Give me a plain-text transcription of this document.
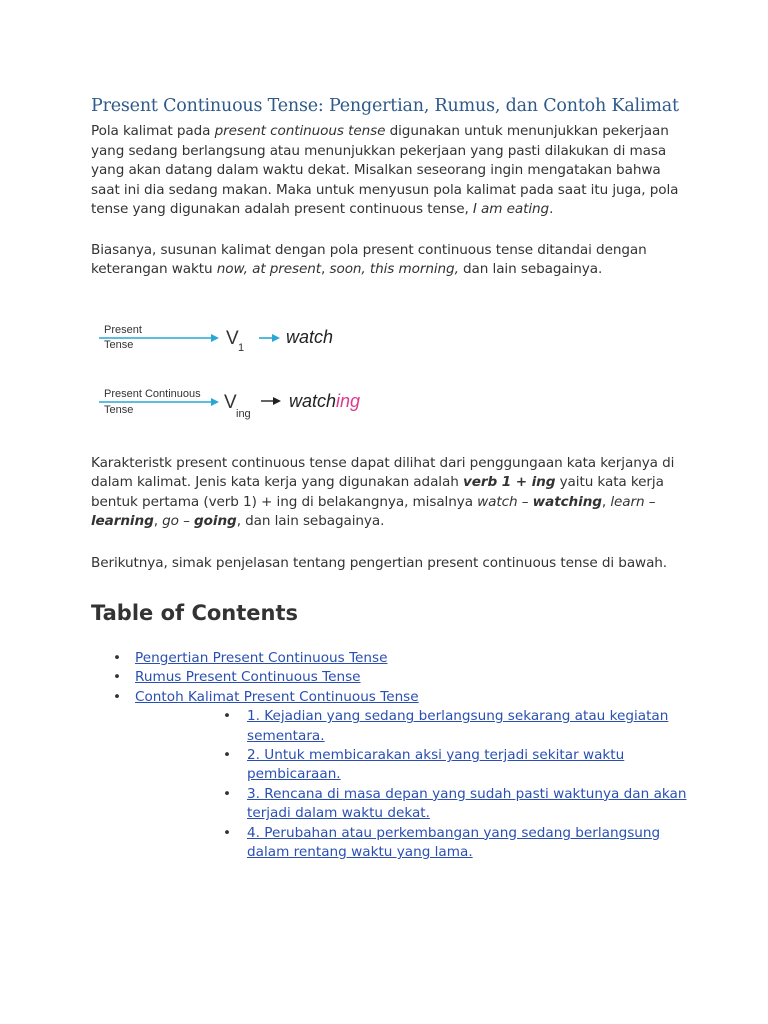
Present Continuous Tense: Pengertian, Rumus, dan Contoh Kalimat

Pola kalimat pada present continuous tense digunakan untuk menunjukkan pekerjaan yang sedang berlangsung atau menunjukkan pekerjaan yang pasti dilakukan di masa yang akan datang dalam waktu dekat. Misalkan seseorang ingin mengatakan bahwa saat ini dia sedang makan. Maka untuk menyusun pola kalimat pada saat itu juga, pola tense yang digunakan adalah present continuous tense, I am eating.

Biasanya, susunan kalimat dengan pola present continuous tense ditandai dengan keterangan waktu now, at present, soon, this morning, dan lain sebagainya.

Present
Tense	V 1
watch
Present Continuous
Tense	V
ing
watching

Karakteristk present continuous tense dapat dilihat dari penggungaan kata kerjanya di dalam kalimat. Jenis kata kerja yang digunakan adalah verb 1 + ing yaitu kata kerja bentuk pertama (verb 1) + ing di belakangnya, misalnya watch – watching, learn – learning, go – going, dan lain sebagainya.

Berikutnya, simak penjelasan tentang pengertian present continuous tense di bawah.

Table of Contents
• Pengertian Present Continuous Tense
• Rumus Present Continuous Tense
• Contoh Kalimat Present Continuous Tense
• 1. Kejadian yang sedang berlangsung sekarang atau kegiatan sementara.
• 2. Untuk membicarakan aksi yang terjadi sekitar waktu pembicaraan.
• 3. Rencana di masa depan yang sudah pasti waktunya dan akan terjadi dalam waktu dekat.
• 4. Perubahan atau perkembangan yang sedang berlangsung dalam rentang waktu yang lama.
